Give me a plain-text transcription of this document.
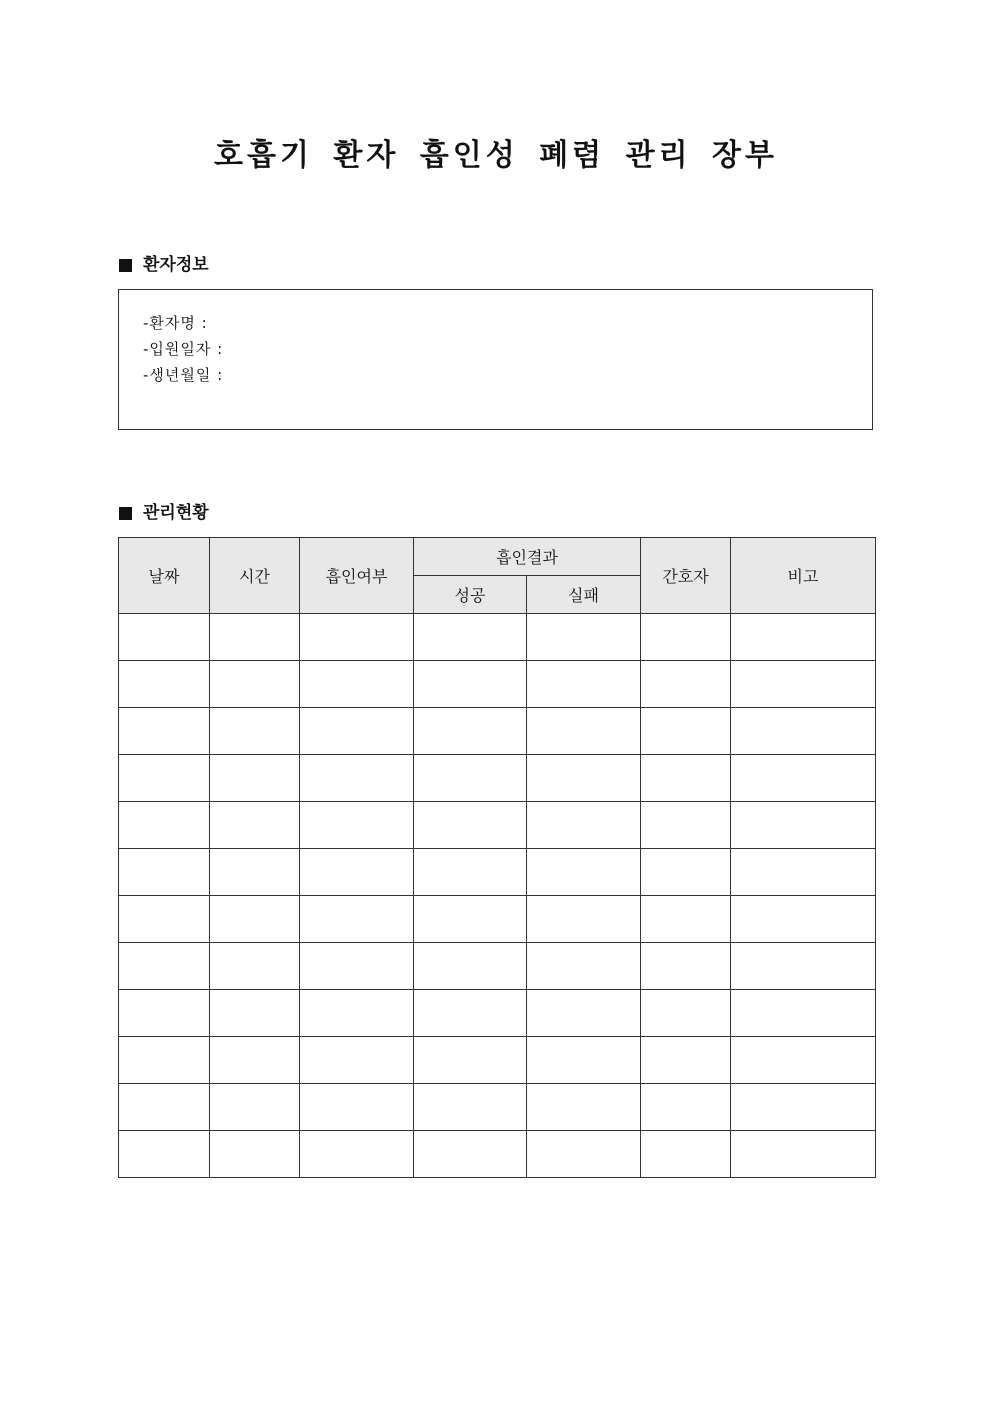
호흡기 환자 흡인성 폐렴 관리 장부
환자정보
-환자명 :
-입원일자 :
-생년월일 :
관리현황
날짜	시간	흡인여부	흡인결과		간호자	비고
			성공	실패		
